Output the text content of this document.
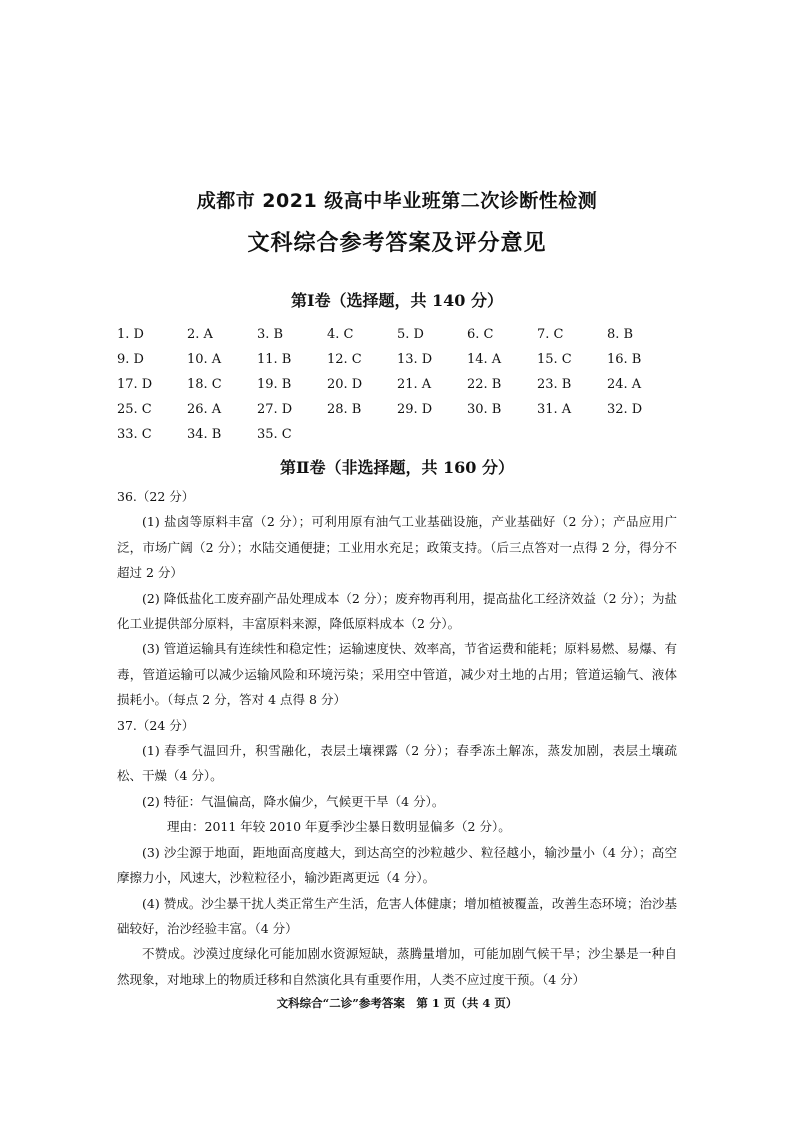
成都市 2021 级高中毕业班第二次诊断性检测
文科综合参考答案及评分意见
第Ⅰ卷（选择题，共 140 分）
1. D	2. A	3. B	4. C	5. D	6. C	7. C	8. B
9. D	10. A	11. B	12. C	13. D	14. A	15. C	16. B
17. D	18. C	19. B	20. D	21. A	22. B	23. B	24. A
25. C	26. A	27. D	28. B	29. D	30. B	31. A	32. D
33. C	34. B	35. C
第Ⅱ卷（非选择题，共 160 分）

36.（22 分）

(1) 盐卤等原料丰富（2 分）；可利用原有油气工业基础设施，产业基础好（2 分）；产品应用广泛，市场广阔（2 分）；水陆交通便捷；工业用水充足；政策支持。（后三点答对一点得 2 分，得分不超过 2 分）

(2) 降低盐化工废弃副产品处理成本（2 分）；废弃物再利用，提高盐化工经济效益（2 分）；为盐化工业提供部分原料，丰富原料来源，降低原料成本（2 分）。

(3) 管道运输具有连续性和稳定性；运输速度快、效率高，节省运费和能耗；原料易燃、易爆、有毒，管道运输可以减少运输风险和环境污染；采用空中管道，减少对土地的占用；管道运输气、液体损耗小。（每点 2 分，答对 4 点得 8 分）

37.（24 分）

(1) 春季气温回升，积雪融化，表层土壤裸露（2 分）；春季冻土解冻，蒸发加剧，表层土壤疏松、干燥（4 分）。

(2) 特征：气温偏高，降水偏少，气候更干旱（4 分）。

理由：2011 年较 2010 年夏季沙尘暴日数明显偏多（2 分）。

(3) 沙尘源于地面，距地面高度越大，到达高空的沙粒越少、粒径越小，输沙量小（4 分）；高空摩擦力小，风速大，沙粒粒径小，输沙距离更远（4 分）。

(4) 赞成。沙尘暴干扰人类正常生产生活，危害人体健康；增加植被覆盖，改善生态环境；治沙基础较好，治沙经验丰富。（4 分）

不赞成。沙漠过度绿化可能加剧水资源短缺，蒸腾量增加，可能加剧气候干旱；沙尘暴是一种自然现象，对地球上的物质迁移和自然演化具有重要作用，人类不应过度干预。（4 分）

文科综合“二诊”参考答案　第 1 页（共 4 页）
